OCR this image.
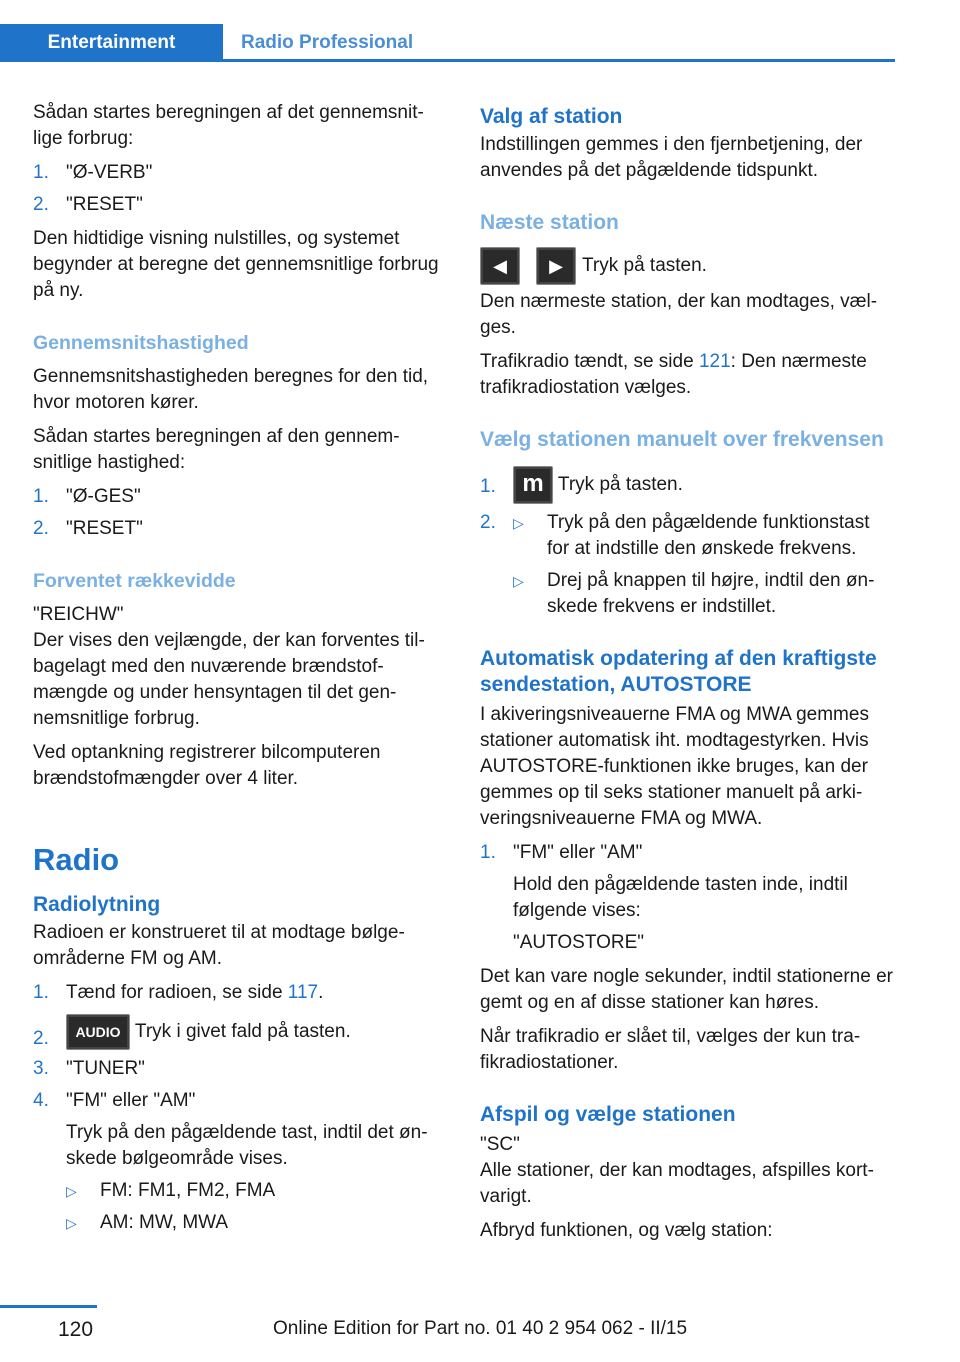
Entertainment	Radio Professional

Sådan startes beregningen af det gennemsnitlige forbrug:

1. "Ø-VERB"
2. "RESET"

Den hidtidige visning nulstilles, og systemet begynder at beregne det gennemsnitlige forbrug på ny.

Gennemsnitshastighed

Gennemsnitshastigheden beregnes for den tid, hvor motoren kører.

Sådan startes beregningen af den gennemsnitlige hastighed:

1. "Ø-GES"
2. "RESET"
Forventet rækkevidde

"REICHW"

Der vises den vejlængde, der kan forventes tilbagelagt med den nuværende brændstofmængde og under hensyntagen til det gennemsnitlige forbrug.

Ved optankning registrerer bilcomputeren brændstofmængder over 4 liter.

Radio
Radiolytning

Radioen er konstrueret til at modtage bølgeområderne FM og AM.

1. Tænd for radioen, se side 117.
2. AUDIO Tryk i givet fald på tasten.
3. "TUNER"
4. "FM" eller "AM"
Tryk på den pågældende tast, indtil det ønskede bølgeområde vises.
▷ FM: FM1, FM2, FMA
▷ AM: MW, MWA
Valg af station

Indstillingen gemmes i den fjernbetjening, der anvendes på det pågældende tidspunkt.

Næste station
◀	▶	Tryk på tasten.

Den nærmeste station, der kan modtages, vælges.

Trafikradio tændt, se side 121: Den nærmeste trafikradiostation vælges.

Vælg stationen manuelt over frekvensen
1. m Tryk på tasten.
2. ▷ Tryk på den pågældende funktionstast for at indstille den ønskede frekvens.
▷ Drej på knappen til højre, indtil den ønskede frekvens er indstillet.
Automatisk opdatering af den kraftigste sendestation, AUTOSTORE

I akiveringsniveauerne FMA og MWA gemmes stationer automatisk iht. modtagestyrken. Hvis AUTOSTORE-funktionen ikke bruges, kan der gemmes op til seks stationer manuelt på arkiveringsniveauerne FMA og MWA.

1. "FM" eller "AM"
Hold den pågældende tasten inde, indtil følgende vises:
"AUTOSTORE"

Det kan vare nogle sekunder, indtil stationerne er gemt og en af disse stationer kan høres.

Når trafikradio er slået til, vælges der kun trafikradiostationer.

Afspil og vælge stationen

"SC"

Alle stationer, der kan modtages, afspilles kortvarigt.

Afbryd funktionen, og vælg station:

120	Online Edition for Part no. 01 40 2 954 062 - II/15
